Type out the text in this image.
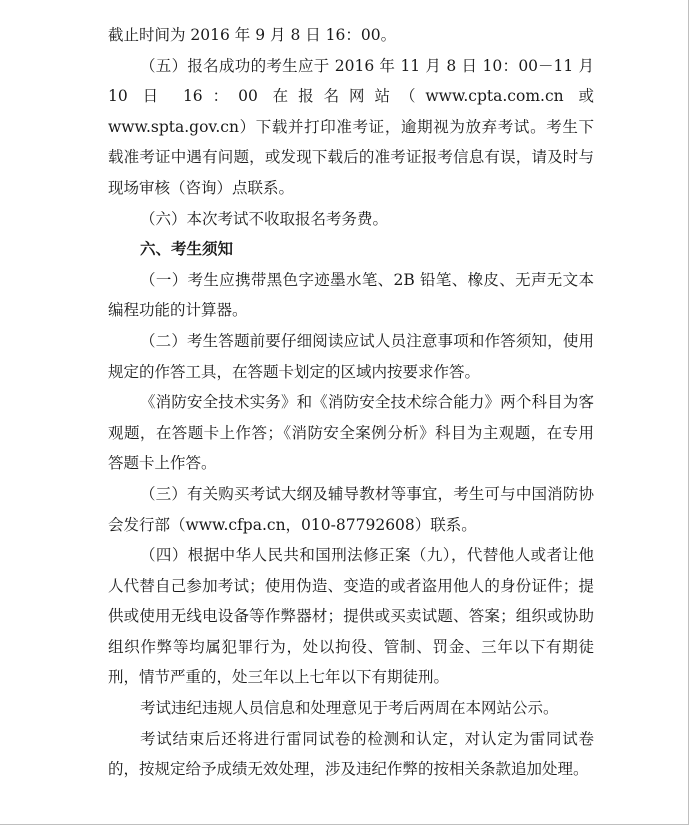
截止时间为 2016 年 9 月 8 日 16：00。

（五）报名成功的考生应于 2016 年 11 月 8 日 10：00－11 月 10 日 16：00 在报名网站（www.cpta.com.cn 或 www.spta.gov.cn）下载并打印准考证，逾期视为放弃考试。考生下载准考证中遇有问题，或发现下载后的准考证报考信息有误，请及时与现场审核（咨询）点联系。

（六）本次考试不收取报名考务费。

六、考生须知

（一）考生应携带黑色字迹墨水笔、2B 铅笔、橡皮、无声无文本编程功能的计算器。

（二）考生答题前要仔细阅读应试人员注意事项和作答须知，使用规定的作答工具，在答题卡划定的区域内按要求作答。

《消防安全技术实务》和《消防安全技术综合能力》两个科目为客观题，在答题卡上作答；《消防安全案例分析》科目为主观题，在专用答题卡上作答。

（三）有关购买考试大纲及辅导教材等事宜，考生可与中国消防协会发行部（www.cfpa.cn，010-87792608）联系。

（四）根据中华人民共和国刑法修正案（九），代替他人或者让他人代替自己参加考试；使用伪造、变造的或者盗用他人的身份证件；提供或使用无线电设备等作弊器材；提供或买卖试题、答案；组织或协助组织作弊等均属犯罪行为，处以拘役、管制、罚金、三年以下有期徒刑，情节严重的，处三年以上七年以下有期徒刑。

考试违纪违规人员信息和处理意见于考后两周在本网站公示。

考试结束后还将进行雷同试卷的检测和认定，对认定为雷同试卷的，按规定给予成绩无效处理，涉及违纪作弊的按相关条款追加处理。
